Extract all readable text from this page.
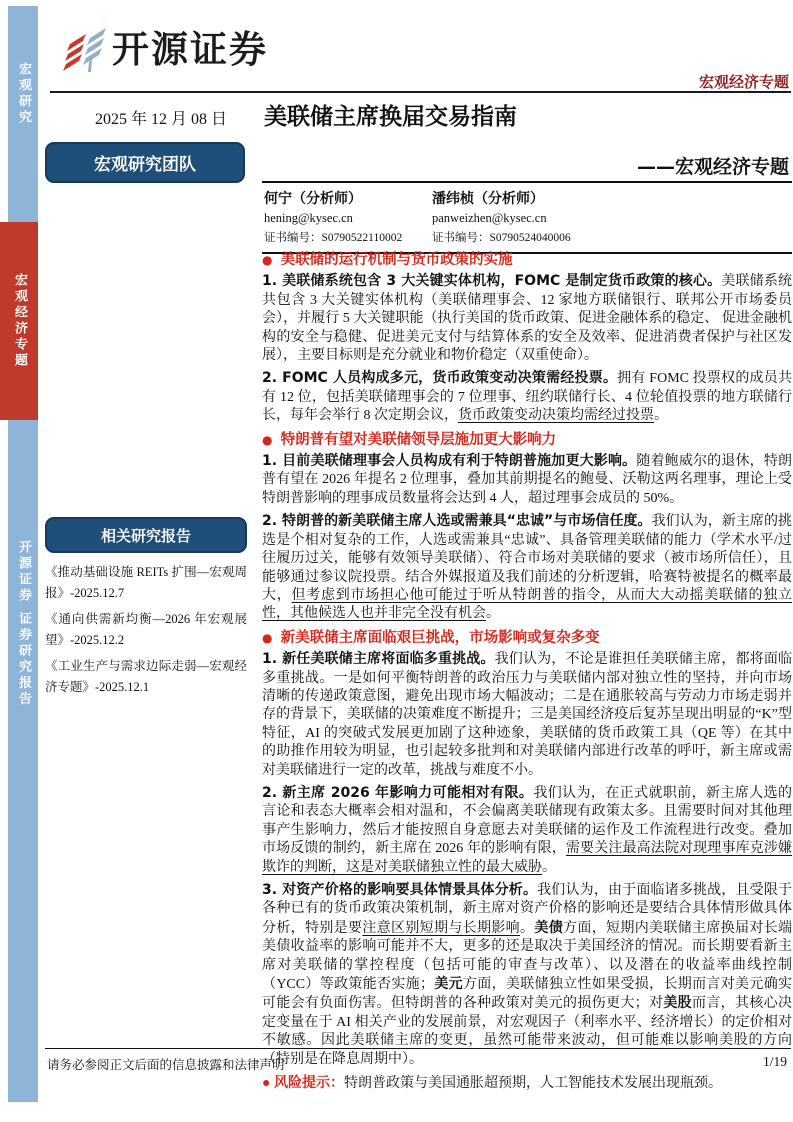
宏观研究
宏观经济专题
开源证券 证券研究报告
开源证券
宏观经济专题
2025 年 12 月 08 日 美联储主席换届交易指南
宏观研究团队	——宏观经济专题
何宁（分析师）
hening@kysec.cn
证书编号：S0790522110002
潘纬桢（分析师）
panweizhen@kysec.cn
证书编号：S0790524040006
● 美联储的运行机制与货币政策的实施

1. 美联储系统包含 3 大关键实体机构，FOMC 是制定货币政策的核心。美联储系统共包含 3 大关键实体机构（美联储理事会、12 家地方联储银行、联邦公开市场委员会），并履行 5 大关键职能（执行美国的货币政策、促进金融体系的稳定、 促进金融机构的安全与稳健、促进美元支付与结算体系的安全及效率、促进消费者保护与社区发展），主要目标则是充分就业和物价稳定（双重使命）。

2. FOMC 人员构成多元，货币政策变动决策需经投票。拥有 FOMC 投票权的成员共有 12 位，包括美联储理事会的 7 位理事、纽约联储行长、4 位轮值投票的地方联储行长，每年会举行 8 次定期会议，货币政策变动决策均需经过投票。

● 特朗普有望对美联储领导层施加更大影响力

1. 目前美联储理事会人员构成有利于特朗普施加更大影响。随着鲍威尔的退休，特朗普有望在 2026 年提名 2 位理事，叠加其前期提名的鲍曼、沃勒这两名理事，理论上受特朗普影响的理事成员数量将会达到 4 人，超过理事会成员的 50%。

2. 特朗普的新美联储主席人选或需兼具“忠诚”与市场信任度。我们认为，新主席的挑选是个相对复杂的工作，人选或需兼具“忠诚”、具备管理美联储的能力（学术水平/过往履历过关，能够有效领导美联储）、符合市场对美联储的要求（被市场所信任），且能够通过参议院投票。结合外媒报道及我们前述的分析逻辑，哈赛特被提名的概率最大，但考虑到市场担心他可能过于听从特朗普的指令，从而大大动摇美联储的独立性，其他候选人也并非完全没有机会。

● 新美联储主席面临艰巨挑战，市场影响或复杂多变

1. 新任美联储主席将面临多重挑战。我们认为，不论是谁担任美联储主席，都将面临多重挑战。一是如何平衡特朗普的政治压力与美联储内部对独立性的坚持，并向市场清晰的传递政策意图，避免出现市场大幅波动；二是在通胀较高与劳动力市场走弱并存的背景下，美联储的决策难度不断提升；三是美国经济疫后复苏呈现出明显的“K”型特征，AI 的突破式发展更加剧了这种迹象，美联储的货币政策工具（QE 等）在其中的助推作用较为明显，也引起较多批判和对美联储内部进行改革的呼吁，新主席或需对美联储进行一定的改革，挑战与难度不小。

2. 新主席 2026 年影响力可能相对有限。我们认为，在正式就职前，新主席人选的言论和表态大概率会相对温和，不会偏离美联储现有政策太多。且需要时间对其他理事产生影响力，然后才能按照自身意愿去对美联储的运作及工作流程进行改变。叠加市场反馈的制约，新主席在 2026 年的影响有限，需要关注最高法院对现理事库克涉嫌欺诈的判断，这是对美联储独立性的最大威胁。

3. 对资产价格的影响要具体情景具体分析。我们认为，由于面临诸多挑战，且受限于各种已有的货币政策决策机制，新主席对资产价格的影响还是要结合具体情形做具体分析，特别是要注意区别短期与长期影响。美债方面，短期内美联储主席换届对长端美债收益率的影响可能并不大，更多的还是取决于美国经济的情况。而长期要看新主席对美联储的掌控程度（包括可能的审查与改革）、以及潜在的收益率曲线控制（YCC）等政策能否实施；美元方面，美联储独立性如果受损，长期而言对美元确实可能会有负面伤害。但特朗普的各种政策对美元的损伤更大；对美股而言，其核心决定变量在于 AI 相关产业的发展前景，对宏观因子（利率水平、经济增长）的定价相对不敏感。因此美联储主席的变更，虽然可能带来波动，但可能难以影响美股的方向（特别是在降息周期中）。

● 风险提示：特朗普政策与美国通胀超预期，人工智能技术发展出现瓶颈。

相关研究报告
《推动基础设施 REITs 扩围—宏观周报》-2025.12.7
《通向供需新均衡—2026 年宏观展望》-2025.12.2
《工业生产与需求边际走弱—宏观经济专题》-2025.12.1
请务必参阅正文后面的信息披露和法律声明	1/19
